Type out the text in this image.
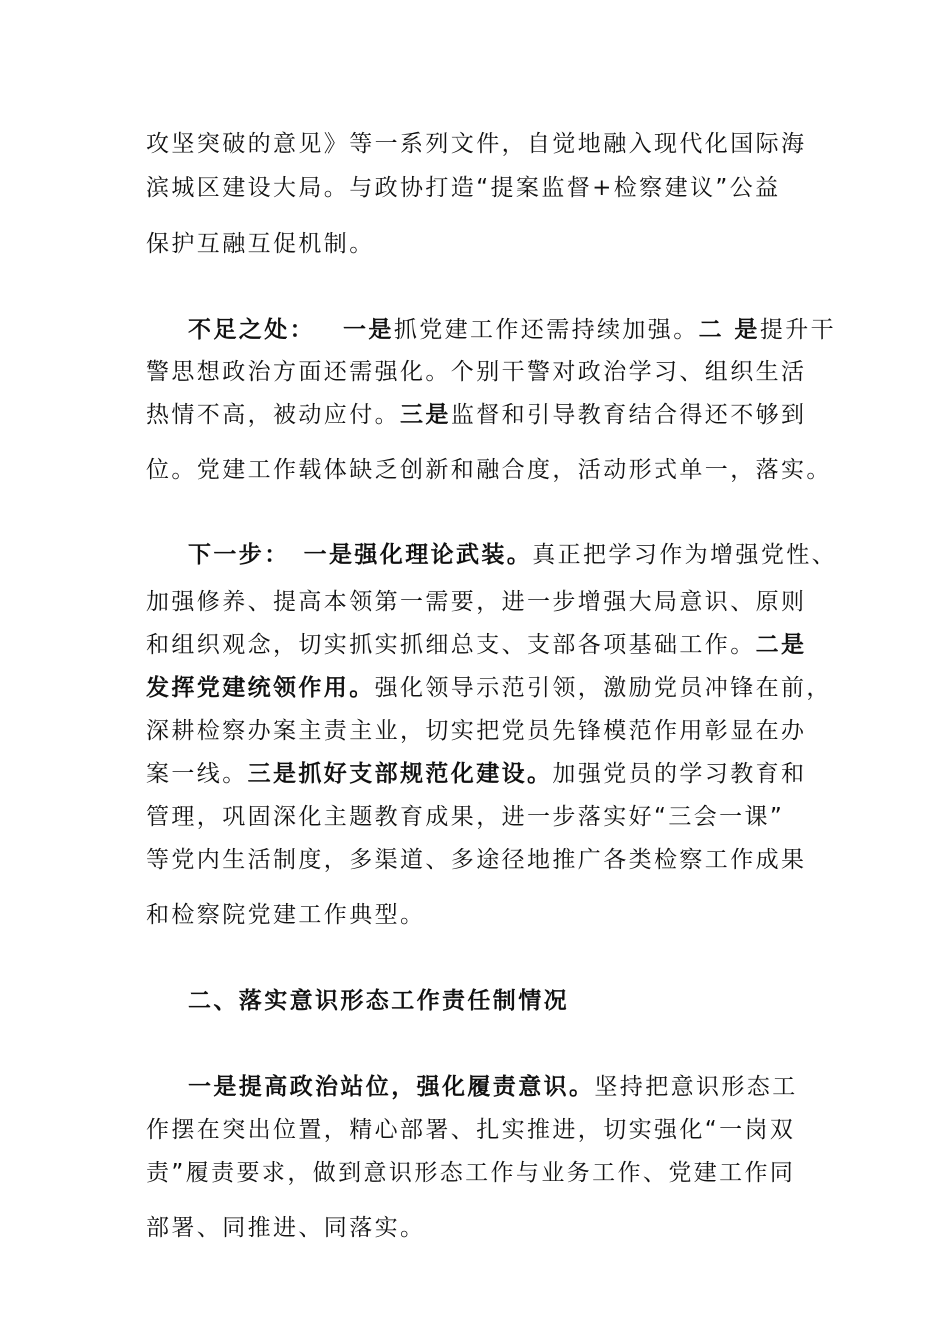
攻坚突破的意见》等一系列文件，自觉地融入现代化国际海
滨城区建设大局。与政协打造“提案监督+检察建议”公益
保护互融互促机制。
不足之处： 一是抓党建工作还需持续加强。二 是提升干
警思想政治方面还需强化。个别干警对政治学习、组织生活
热情不高，被动应付。三是监督和引导教育结合得还不够到
位。党建工作载体缺乏创新和融合度，活动形式单一，落实。
下一步： 一是强化理论武装。真正把学习作为增强党性、
加强修养、提高本领第一需要，进一步增强大局意识、原则
和组织观念，切实抓实抓细总支、支部各项基础工作。二是
发挥党建统领作用。强化领导示范引领，激励党员冲锋在前，
深耕检察办案主责主业，切实把党员先锋模范作用彰显在办
案一线。三是抓好支部规范化建设。加强党员的学习教育和
管理，巩固深化主题教育成果，进一步落实好“三会一课”
等党内生活制度，多渠道、多途径地推广各类检察工作成果
和检察院党建工作典型。
二、落实意识形态工作责任制情况
一是提高政治站位，强化履责意识。坚持把意识形态工
作摆在突出位置，精心部署、扎实推进，切实强化“一岗双
责”履责要求，做到意识形态工作与业务工作、党建工作同
部署、同推进、同落实。
